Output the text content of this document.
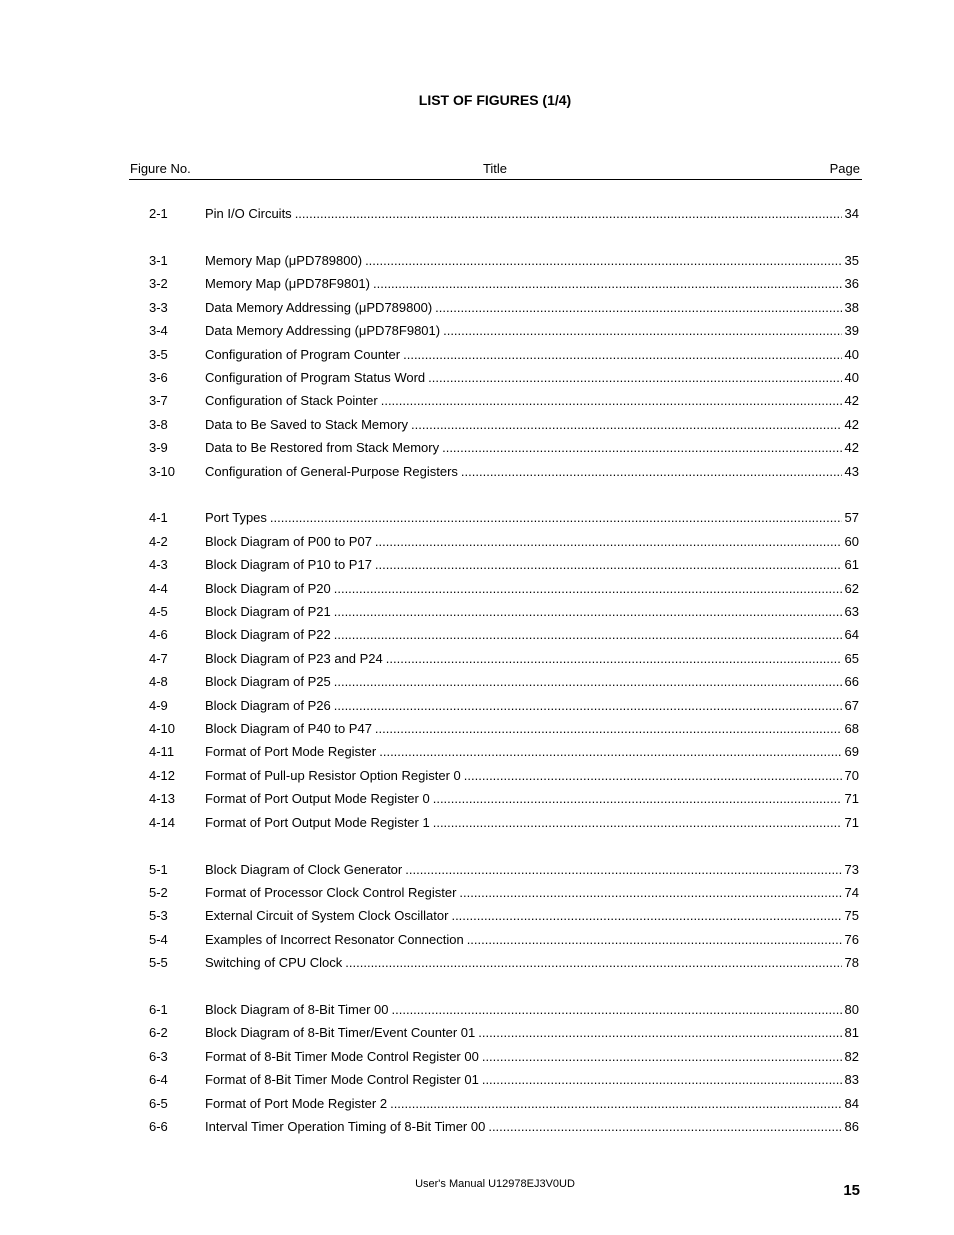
LIST OF FIGURES (1/4)
Figure No.	Title	Page
2-1	Pin I/O Circuits .....	34
3-1	Memory Map (μPD789800) .....	35
3-2	Memory Map (μPD78F9801) .....	36
3-3	Data Memory Addressing (μPD789800) .....	38
3-4	Data Memory Addressing (μPD78F9801) .....	39
3-5	Configuration of Program Counter .....	40
3-6	Configuration of Program Status Word .....	40
3-7	Configuration of Stack Pointer .....	42
3-8	Data to Be Saved to Stack Memory .....	42
3-9	Data to Be Restored from Stack Memory .....	42
3-10 Configuration of General-Purpose Registers .....	43
4-1	Port Types .....	57
4-2	Block Diagram of P00 to P07 .....	60
4-3	Block Diagram of P10 to P17 .....	61
4-4	Block Diagram of P20 .....	62
4-5	Block Diagram of P21 .....	63
4-6	Block Diagram of P22 .....	64
4-7	Block Diagram of P23 and P24 .....	65
4-8	Block Diagram of P25 .....	66
4-9	Block Diagram of P26 .....	67
4-10 Block Diagram of P40 to P47 .....	68
4-11 Format of Port Mode Register .....	69
4-12 Format of Pull-up Resistor Option Register 0 .....	70
4-13 Format of Port Output Mode Register 0 .....	71
4-14 Format of Port Output Mode Register 1 .....	71
5-1	Block Diagram of Clock Generator .....	73
5-2	Format of Processor Clock Control Register .....	74
5-3	External Circuit of System Clock Oscillator .....	75
5-4	Examples of Incorrect Resonator Connection .....	76
5-5	Switching of CPU Clock .....	78
6-1	Block Diagram of 8-Bit Timer 00 .....	80
6-2	Block Diagram of 8-Bit Timer/Event Counter 01 .....	81
6-3	Format of 8-Bit Timer Mode Control Register 00 .....	82
6-4	Format of 8-Bit Timer Mode Control Register 01 .....	83
6-5	Format of Port Mode Register 2 .....	84
6-6	Interval Timer Operation Timing of 8-Bit Timer 00 .....	86
User's Manual U12978EJ3V0UD	15
